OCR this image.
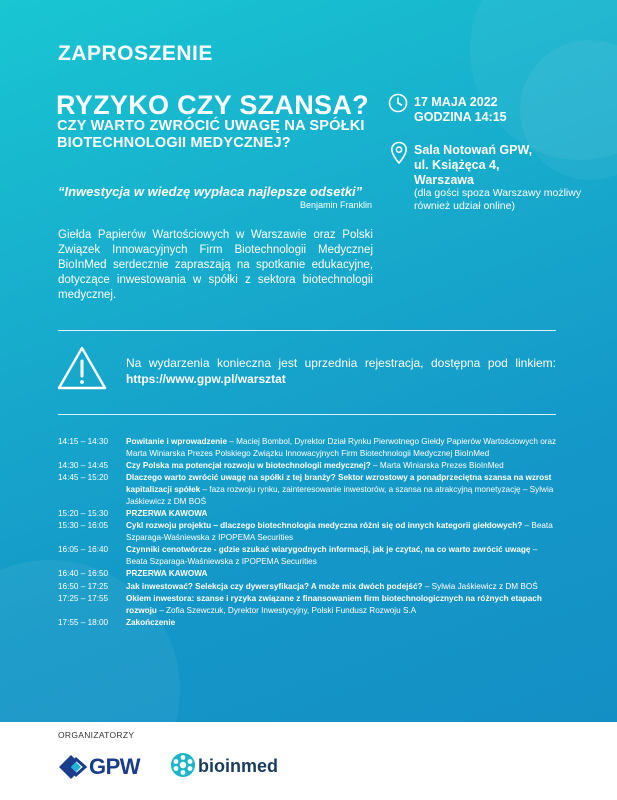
ZAPROSZENIE
RYZYKO CZY SZANSA?
CZY WARTO ZWRÓCIĆ UWAGĘ NA SPÓŁKI BIOTECHNOLOGII MEDYCZNEJ?
“Inwestycja w wiedzę wypłaca najlepsze odsetki”
Benjamin Franklin
Giełda Papierów Wartościowych w Warszawie oraz Polski Związek Innowacyjnych Firm Biotechnologii Medycznej BioInMed serdecznie zapraszają na spotkanie edukacyjne, dotyczące inwestowania w spółki z sektora biotechnologii medycznej.
17 MAJA 2022
GODZINA 14:15
Sala Notowań GPW,
ul. Książęca 4,
Warszawa
(dla gości spoza Warszawy możliwy również udział online)
Na wydarzenia konieczna jest uprzednia rejestracja, dostępna pod linkiem: https://www.gpw.pl/warsztat
14:15 – 14:30	Powitanie i wprowadzenie – Maciej Bombol, Dyrektor Dział Rynku Pierwotnego Giełdy Papierów Wartościowych oraz Marta Winiarska Prezes Polskiego Związku Innowacyjnych Firm Biotechnologii Medycznej BioInMed
14:30 – 14:45	Czy Polska ma potencjał rozwoju w biotechnologii medycznej? – Marta Winiarska Prezes BioInMed
14:45 – 15:20	Dlaczego warto zwrócić uwagę na spółki z tej branży? Sektor wzrostowy a ponadprzeciętna szansa na wzrost kapitalizacji spółek – faza rozwoju rynku, zainteresowanie inwestorów, a szansa na atrakcyjną monetyzację – Sylwia Jaśkiewicz z DM BOŚ
15:20 – 15:30	PRZERWA KAWOWA
15:30 – 16:05	Cykl rozwoju projektu – dlaczego biotechnologia medyczna różni się od innych kategorii giełdowych? – Beata Szparaga-Waśniewska z IPOPEMA Securities
16:05 – 16:40	Czynniki cenotwórcze - gdzie szukać wiarygodnych informacji, jak je czytać, na co warto zwrócić uwagę – Beata Szparaga-Waśniewska z IPOPEMA Securities
16:40 – 16:50	PRZERWA KAWOWA
16:50 – 17:25	Jak inwestować? Selekcja czy dywersyfikacja? A może mix dwóch podejść? – Sylwia Jaśkiewicz z DM BOŚ
17:25 – 17:55	Okiem inwestora: szanse i ryzyka związane z finansowaniem firm biotechnologicznych na różnych etapach rozwoju – Zofia Szewczuk, Dyrektor Inwestycyjny, Polski Fundusz Rozwoju S.A
17:55 – 18:00	Zakończenie
ORGANIZATORZY
GPW	bioinmed
